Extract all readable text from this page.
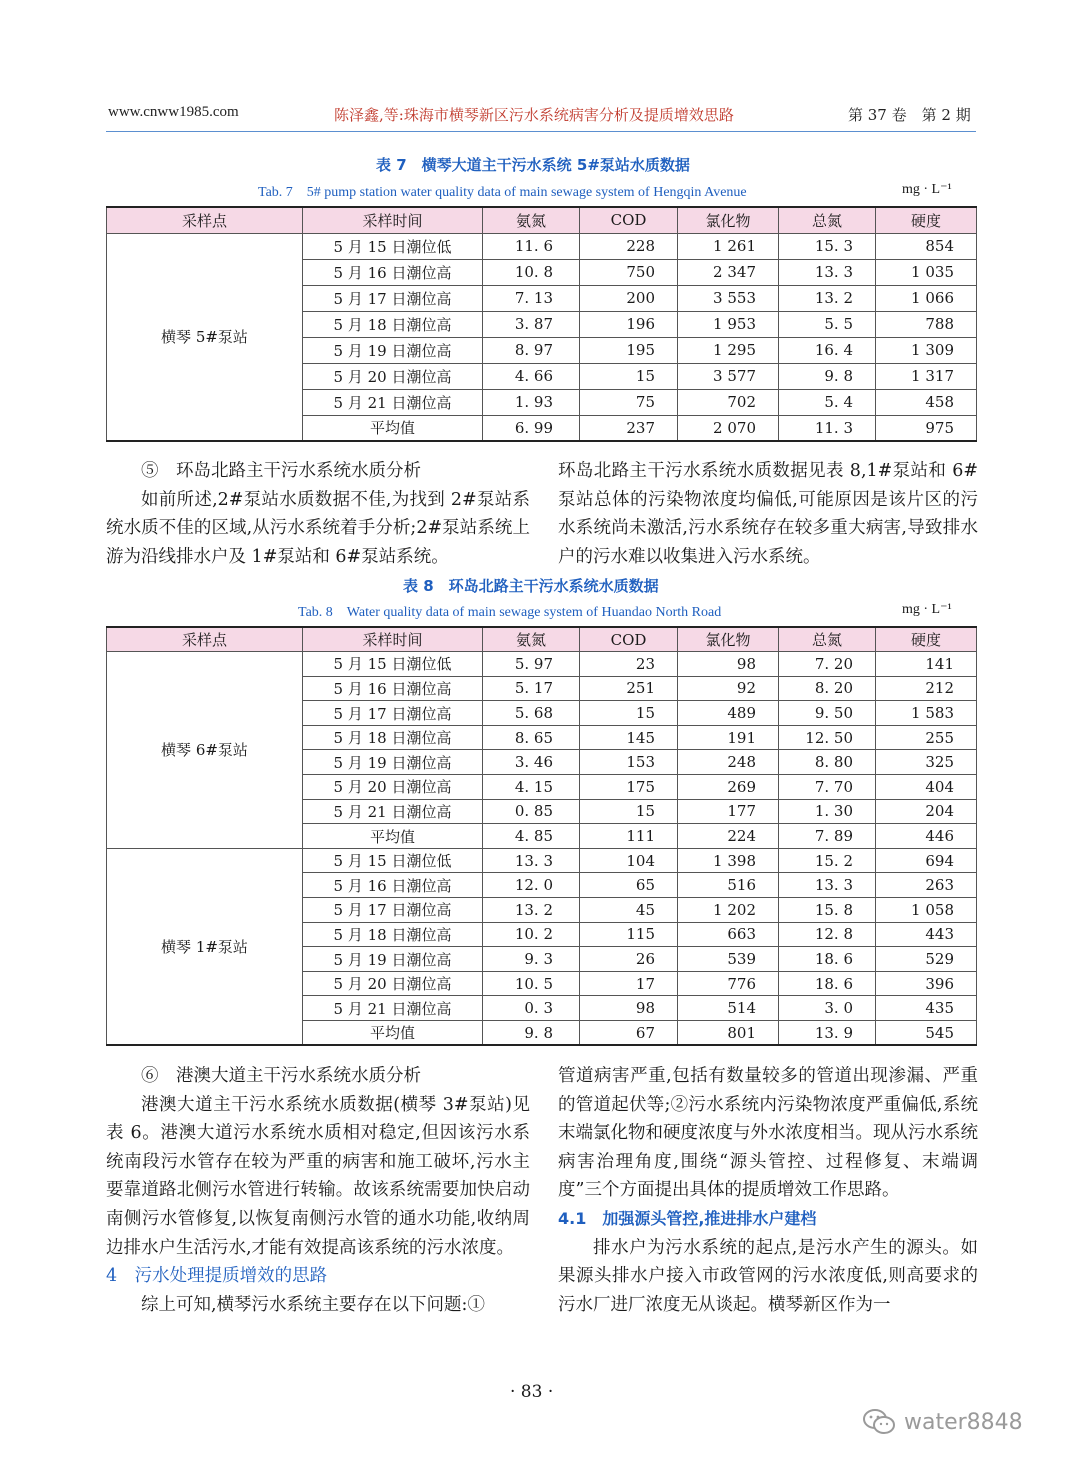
www.cnww1985.com	陈泽鑫,等:珠海市横琴新区污水系统病害分析及提质增效思路	第 37 卷　第 2 期
表 7　横琴大道主干污水系统 5#泵站水质数据
Tab. 7　5# pump station water quality data of main sewage system of Hengqin Avenue	mg · L⁻¹
采样点	采样时间	氨氮	COD	氯化物	总氮	硬度
横琴 5#泵站	5 月 15 日潮位低	11. 6	228	1 261	15. 3	854
	5 月 16 日潮位高	10. 8	750	2 347	13. 3	1 035
	5 月 17 日潮位高	7. 13	200	3 553	13. 2	1 066
	5 月 18 日潮位高	3. 87	196	1 953	5. 5	788
	5 月 19 日潮位高	8. 97	195	1 295	16. 4	1 309
	5 月 20 日潮位高	4. 66	15	3 577	9. 8	1 317
	5 月 21 日潮位高	1. 93	75	702	5. 4	458
	平均值	6. 99	237	2 070	11. 3	975
⑤　环岛北路主干污水系统水质分析
如前所述,2#泵站水质数据不佳,为找到 2#泵站系统水质不佳的区域,从污水系统着手分析;2#泵站系统上游为沿线排水户及 1#泵站和 6#泵站系统。
环岛北路主干污水系统水质数据见表 8,1#泵站和 6#泵站总体的污染物浓度均偏低,可能原因是该片区的污水系统尚未激活,污水系统存在较多重大病害,导致排水户的污水难以收集进入污水系统。
表 8　环岛北路主干污水系统水质数据
Tab. 8　Water quality data of main sewage system of Huandao North Road	mg · L⁻¹
采样点	采样时间	氨氮	COD	氯化物	总氮	硬度
横琴 6#泵站	5 月 15 日潮位低	5. 97	23	98	7. 20	141
	5 月 16 日潮位高	5. 17	251	92	8. 20	212
	5 月 17 日潮位高	5. 68	15	489	9. 50	1 583
	5 月 18 日潮位高	8. 65	145	191	12. 50	255
	5 月 19 日潮位高	3. 46	153	248	8. 80	325
	5 月 20 日潮位高	4. 15	175	269	7. 70	404
	5 月 21 日潮位高	0. 85	15	177	1. 30	204
	平均值	4. 85	111	224	7. 89	446
横琴 1#泵站	5 月 15 日潮位低	13. 3	104	1 398	15. 2	694
	5 月 16 日潮位高	12. 0	65	516	13. 3	263
	5 月 17 日潮位高	13. 2	45	1 202	15. 8	1 058
	5 月 18 日潮位高	10. 2	115	663	12. 8	443
	5 月 19 日潮位高	9. 3	26	539	18. 6	529
	5 月 20 日潮位高	10. 5	17	776	18. 6	396
	5 月 21 日潮位高	0. 3	98	514	3. 0	435
	平均值	9. 8	67	801	13. 9	545
⑥　港澳大道主干污水系统水质分析
港澳大道主干污水系统水质数据(横琴 3#泵站)见表 6。港澳大道污水系统水质相对稳定,但因该污水系统南段污水管存在较为严重的病害和施工破坏,污水主要靠道路北侧污水管进行转输。故该系统需要加快启动南侧污水管修复,以恢复南侧污水管的通水功能,收纳周边排水户生活污水,才能有效提高该系统的污水浓度。
4　污水处理提质增效的思路
综上可知,横琴污水系统主要存在以下问题:①
管道病害严重,包括有数量较多的管道出现渗漏、严重的管道起伏等;②污水系统内污染物浓度严重偏低,系统末端氯化物和硬度浓度与外水浓度相当。现从污水系统病害治理角度,围绕“源头管控、过程修复、末端调度”三个方面提出具体的提质增效工作思路。
4.1　加强源头管控,推进排水户建档
排水户为污水系统的起点,是污水产生的源头。如果源头排水户接入市政管网的污水浓度低,则高要求的污水厂进厂浓度无从谈起。横琴新区作为一
· 83 ·
water8848
